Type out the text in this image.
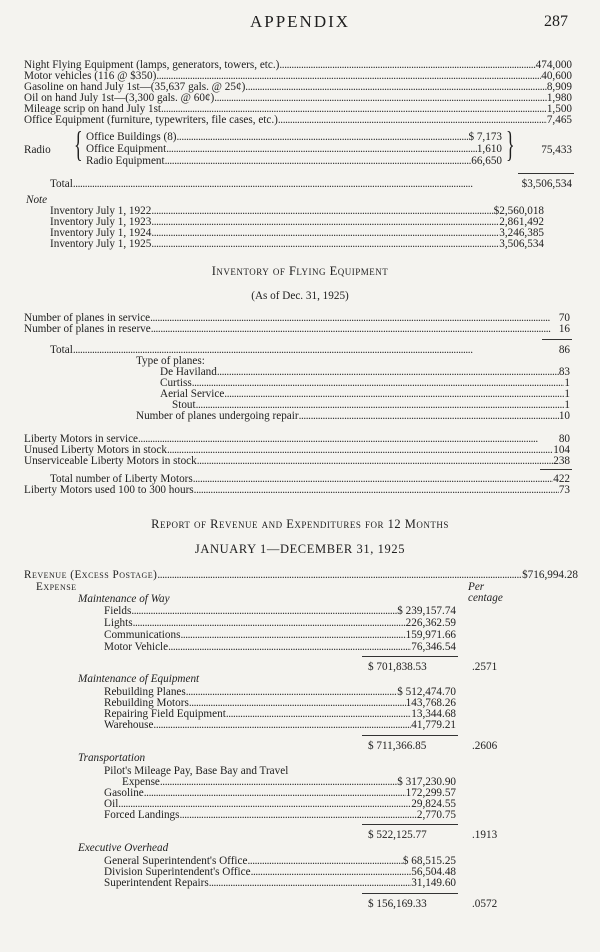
APPENDIX	287
Night Flying Equipment (lamps, generators, towers, etc.) . . .	474,000
Motor vehicles (116 @ $350) . . .	40,600
Gasoline on hand July 1st—(35,637 gals. @ 25¢) . . .	8,909
Oil on hand July 1st—(3,300 gals. @ 60¢) . . .	1,980
Mileage scrip on hand July 1st . . .	1,500
Office Equipment (furniture, typewriters, file cases, etc.) . . .	7,465
Radio { Office Buildings (8) . . .	$ 7,173
Office Equipment . . .	1,610
Radio Equipment . . .	66,650 } 75,433
Total . . .	$3,506,534
Note
Inventory July 1, 1922 . . .	$2,560,018
Inventory July 1, 1923 . . .	2,861,492
Inventory July 1, 1924 . . .	3,246,385
Inventory July 1, 1925 . . .	3,506,534
Inventory of Flying Equipment
(As of Dec. 31, 1925)
Number of planes in service . . .	70
Number of planes in reserve . . .	16
Total . . .	86
Type of planes:
De Haviland . . .	83
Curtiss . . .	1
Aerial Service . . .	1
Stout . . .	1
Number of planes undergoing repair . . .	10
Liberty Motors in service . . .	80
Unused Liberty Motors in stock . . .	104
Unserviceable Liberty Motors in stock . . .	238
Total number of Liberty Motors . . .	422
Liberty Motors used 100 to 300 hours . . .	73
Report of Revenue and Expenditures for 12 Months
JANUARY 1—DECEMBER 31, 1925
Revenue (Excess Postage) . . .	$716,994.28
Expense	Per centage
Maintenance of Way
Fields . . .	$ 239,157.74
Lights . . .	226,362.59
Communications . . .	159,971.66
Motor Vehicle . . .	76,346.54
$ 701,838.53	.2571
Maintenance of Equipment
Rebuilding Planes . . .	$ 512,474.70
Rebuilding Motors . . .	143,768.26
Repairing Field Equipment . . .	13,344.68
Warehouse . . .	41,779.21
$ 711,366.85	.2606
Transportation
Pilot's Mileage Pay, Base Bay and Travel
Expense . . .	$ 317,230.90
Gasoline . . .	172,299.57
Oil . . .	29,824.55
Forced Landings . . .	2,770.75
$ 522,125.77	.1913
Executive Overhead
General Superintendent's Office . . .	$ 68,515.25
Division Superintendent's Office . . .	56,504.48
Superintendent Repairs . . .	31,149.60
$ 156,169.33	.0572
